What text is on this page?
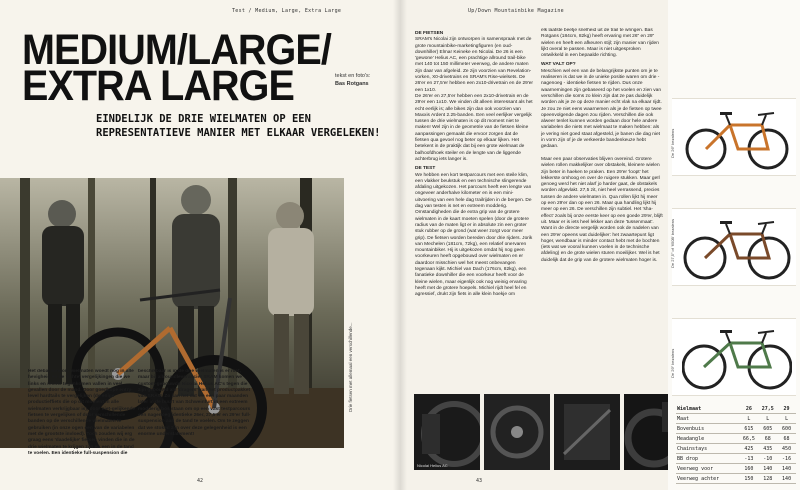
Test / Medium, Large, Extra Large
MEDIUM/LARGE/
EXTRA LARGE	tekst en foto's:
Bas Rotgans
EINDELIJK DE DRIE WIELMATEN OP EEN REPRESENTATIEVE MANIER MET ELKAAR VERGELEKEN!
Drie fietsen met allemaal een verschillende...
Het debat rondom wielmaten woedt nog in alle hevigheid en de 'echte' vergelijkingen die we links en rechts tegenkomen vallen in veel gevallen door de mand. Door goedkope entry-level hardtails te vergelijken (de enige productieffiets die op dit moment in alle wielmaten verkrijgbaar is), door niet-gelijkende fietsen te vergelijken of door verschillende banden op de verschillende wielmaten te gebruiken (in onze ogen een van de variabelen met de grootste invloed). Toch zouden wij erg graag eens 'daadelijke' fietsen vinden die in de drie wielmaten te krijgen zijn en een in de tand te voelen. Een identieke full-suspension die
beschikbaar is in de drie wielmaten is er niet, maar bij allroundleverancier SRAM komen we custom-gebouwde Nicolai Helius AC's tegen die zijn gebouwd als 'dragers' van het productpakket van SRAM. Zo kan het dat we een paar maanden later in de buurt van Schweinfurt in een extreem modderig bos staan om op een vast testparcours een nagenoeg identieke 26er, 27,5'er en 29'er full-suspension aan de tand te voelen. Om te zeggen dat we stoked zijn over deze gelegenheid is een enorme understatement!
42
Up/Down Mountainbike Magazine
DE FIETSEN
SRAM's Nicolai zijn ontworpen in samenspraak met de grote mountainbike-marketingfiguren (en oud-downhiller) Elmar Keineke en Nicolai. De 26 is een 'gewone' Helius AC, een prachtige allround trail-bike met 140 tot 150 millimeter veerweg, de andere maten zijn daar van afgeleid. Ze zijn voorzien van Revelation-vorken, X0-drivetrains en SRAM's Rise-wielsets. De 26'er en 27,5'er hebben een 2x10-drivetrain en de 29'er een 1x10.
De 26'er en 27,5'er hebben een 2x10-drivetrain en de 29'er een 1x10. We vinden dit alleen interessant als het echt eerlijk is; alle bikes zijn dan ook voorzien van Maxxis Ardent 2.25-banden. Een veel eerlijker vergelijk tussen de drie wielmaten is op dit moment niet te maken! Wel zijn in de geometrie van de fietsen kleine aanpassingen gemaakt die ervoor zorgen dat de fietsen qua gevoel nog beter op elkaar lijken. Het betekent in de praktijk dat bij een grote wielmaat de balhoofdhoek steiler en de lengte van de liggende achterbrug iets langer is.
DE TEST
We hebben een kort testparcours met een steile klim, een vlakker beukstuk en een technische slingerende afdaling uitgekozen. Het parcours heeft een lengte van ongeveer anderhalve kilometer en is een mini-uitvoering van een hele dag trailrijden in de bergen. De dag van testen is net en extreem modderig. Omstandigheden die de extra grip van de grotere wielmaten in de kaart moeten spelen (door de grotere radius van de maten ligt er in absolute zin een groter stuk rubber op de grond (wat weer zorgt voor meer grip). De fietsen worden bereden door drie rijders. Jorik van Mechelen (181cm, 72kg), een relatief onervaren mountainbiker. Hij is uitgekozen omdat hij nog geen voorkeuren heeft opgebouwd over wielmaten en er daardoor misschien wel het meest onbevangen tegenaan kijkt. Michiel van Dach (176cm, 82kg), een fanatieke downhiller die een voorkeur heeft voor de kleine wielen, maar eigenlijk ook nog weinig ervaring heeft met de grotere hoepels. Michiel rijdt heel fel en agressief, drukt zijn fiets in alle klein hoekje om
elk laatste beetje snelheid uit de trail te wringen. Bas Rotgans (184cm, 82kg) heeft ervaring met 26" en 29" wielen en heeft een afkeuren stijl; zijn manier van rijden lijkt overal te passen. Maar is niet uitgesproken ontwikkeld in een bepaalde richting.
WAT VALT OP?
Meschien wel een van de belangrijkste punten om je te realiseren is dat we in de unieke positie waren om drie - nagenoeg - identieke fietsen te rijden. Dus onze waarnemingen zijn gebaseerd op het voelen en zien van verschillen die soms zo klein zijn dat ze pas duidelijk worden als je ze op deze manier echt vlak na elkaar rijdt. Je zou ze niet eens waarnemen als je de fietsen op twee opeenvolgende dagen zou rijden. Verschillen die ook alweer tenlet kunnen worden gedaan door hele andere variabelen die niets met wielmaat te maken hebben: als je vering niet goed staat afgesteld, je banen die dag niet in vorm zijn of je de verkeerde bandenkeuze hebt gedaan.

Maar een paar observaties blijven overeind. Grotere wielen rollen makkelijker over obstakels, kleinere wielen zijn beter in haeken te praken. Een 29'er 'loopt' het lekkerste omhoog en over de ruigere stukken. Maar geïl genoeg werd het niet alarf jo harder gaat, de obstakels worden afgevlakt. 27,5 zit, niet heel verrassend, precies tussen de andere wielmaten in. Qua rollen lijkt hij meer op een 29'er dan op een 26. Maar qua handling lijkt hij meer op een 26. De verschillen zijn subtiel. Het 'sha-effect' zoals bij onze eerste keer op een goede 29'er, blijft uit. Maar er is iets heel lekker aan deze 'tussenmaat'. Want in de directe vergelijk worden ook de nadelen van een 29'er opeens wat duidelijker: het zwaartepunt ligt hoger, wendbaar is minder contact hebt met de bochten (iets wat we vooral kunnen voelen in de technische afdeling) en de grote wielen sturen moeilijker. Wel is het duidelijk dat de grip van de grotere wielmaten hoger is.
Nicolai Helius AC
43
De 26" bezalens
De 27,5" of '650B' bezalens
De 29" bezalens
Wielmaat	26	27,5	29
Maat	L	L	L
Bovenbuis	615	605	600
Headangle	66,5	68	68
Chainstays	425	435	450
BB drop	-13	-10	-16
Veerweg voor	160	140	140
Veerweg achter	150	128	140
